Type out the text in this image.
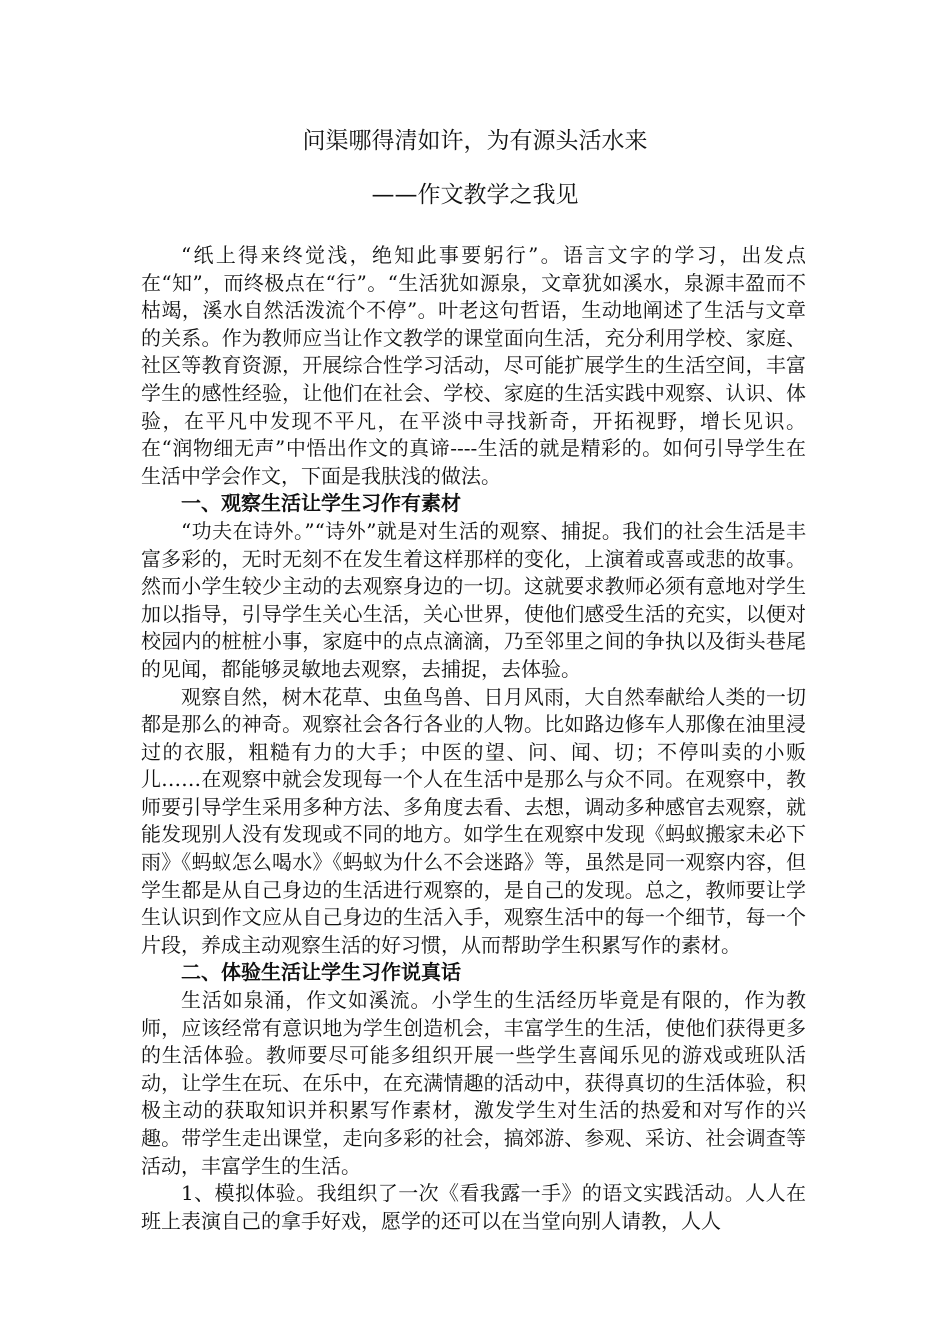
问渠哪得清如许，为有源头活水来
——作文教学之我见

“纸上得来终觉浅，绝知此事要躬行”。语言文字的学习，出发点在“知”，而终极点在“行”。“生活犹如源泉，文章犹如溪水，泉源丰盈而不枯竭，溪水自然活泼流个不停”。叶老这句哲语，生动地阐述了生活与文章的关系。作为教师应当让作文教学的课堂面向生活，充分利用学校、家庭、社区等教育资源，开展综合性学习活动，尽可能扩展学生的生活空间，丰富学生的感性经验，让他们在社会、学校、家庭的生活实践中观察、认识、体验，在平凡中发现不平凡，在平淡中寻找新奇，开拓视野，增长见识。在“润物细无声”中悟出作文的真谛----生活的就是精彩的。如何引导学生在生活中学会作文，下面是我肤浅的做法。

一、观察生活让学生习作有素材

“功夫在诗外。”“诗外”就是对生活的观察、捕捉。我们的社会生活是丰富多彩的，无时无刻不在发生着这样那样的变化，上演着或喜或悲的故事。然而小学生较少主动的去观察身边的一切。这就要求教师必须有意地对学生加以指导，引导学生关心生活，关心世界，使他们感受生活的充实，以便对校园内的桩桩小事，家庭中的点点滴滴，乃至邻里之间的争执以及街头巷尾的见闻，都能够灵敏地去观察，去捕捉，去体验。

观察自然，树木花草、虫鱼鸟兽、日月风雨，大自然奉献给人类的一切都是那么的神奇。观察社会各行各业的人物。比如路边修车人那像在油里浸过的衣服，粗糙有力的大手；中医的望、问、闻、切；不停叫卖的小贩儿……在观察中就会发现每一个人在生活中是那么与众不同。在观察中，教师要引导学生采用多种方法、多角度去看、去想，调动多种感官去观察，就能发现别人没有发现或不同的地方。如学生在观察中发现《蚂蚁搬家未必下雨》《蚂蚁怎么喝水》《蚂蚁为什么不会迷路》等，虽然是同一观察内容，但学生都是从自己身边的生活进行观察的，是自己的发现。总之，教师要让学生认识到作文应从自己身边的生活入手，观察生活中的每一个细节，每一个片段，养成主动观察生活的好习惯，从而帮助学生积累写作的素材。

二、体验生活让学生习作说真话

生活如泉涌，作文如溪流。小学生的生活经历毕竟是有限的，作为教师，应该经常有意识地为学生创造机会，丰富学生的生活，使他们获得更多的生活体验。教师要尽可能多组织开展一些学生喜闻乐见的游戏或班队活动，让学生在玩、在乐中，在充满情趣的活动中，获得真切的生活体验，积极主动的获取知识并积累写作素材，激发学生对生活的热爱和对写作的兴趣。带学生走出课堂，走向多彩的社会，搞郊游、参观、采访、社会调查等活动，丰富学生的生活。

1、模拟体验。我组织了一次《看我露一手》的语文实践活动。人人在班上表演自己的拿手好戏，愿学的还可以在当堂向别人请教，人人
